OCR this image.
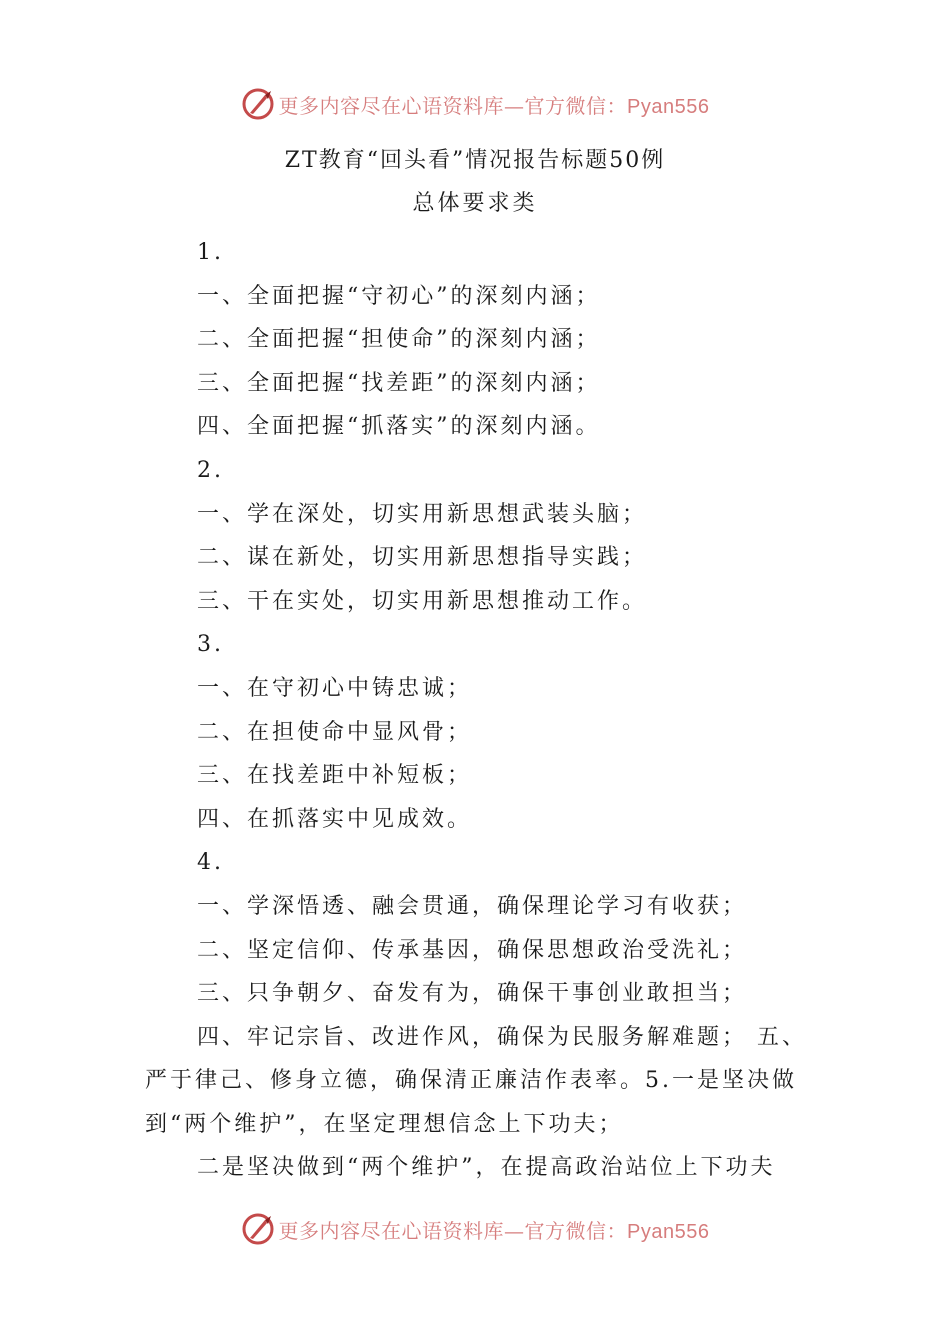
更多内容尽在心语资料库—官方微信：Pyan556
ZT教育“回头看”情况报告标题50例
总体要求类
1.
一、全面把握“守初心”的深刻内涵；
二、全面把握“担使命”的深刻内涵；
三、全面把握“找差距”的深刻内涵；
四、全面把握“抓落实”的深刻内涵。
2.
一、学在深处，切实用新思想武装头脑；
二、谋在新处，切实用新思想指导实践；
三、干在实处，切实用新思想推动工作。
3.
一、在守初心中铸忠诚；
二、在担使命中显风骨；
三、在找差距中补短板；
四、在抓落实中见成效。
4.
一、学深悟透、融会贯通，确保理论学习有收获；
二、坚定信仰、传承基因，确保思想政治受洗礼；
三、只争朝夕、奋发有为，确保干事创业敢担当；
四、牢记宗旨、改进作风，确保为民服务解难题； 五、
严于律己、修身立德，确保清正廉洁作表率。5.一是坚决做
到“两个维护”，在坚定理想信念上下功夫；
二是坚决做到“两个维护”，在提高政治站位上下功夫
更多内容尽在心语资料库—官方微信：Pyan556
